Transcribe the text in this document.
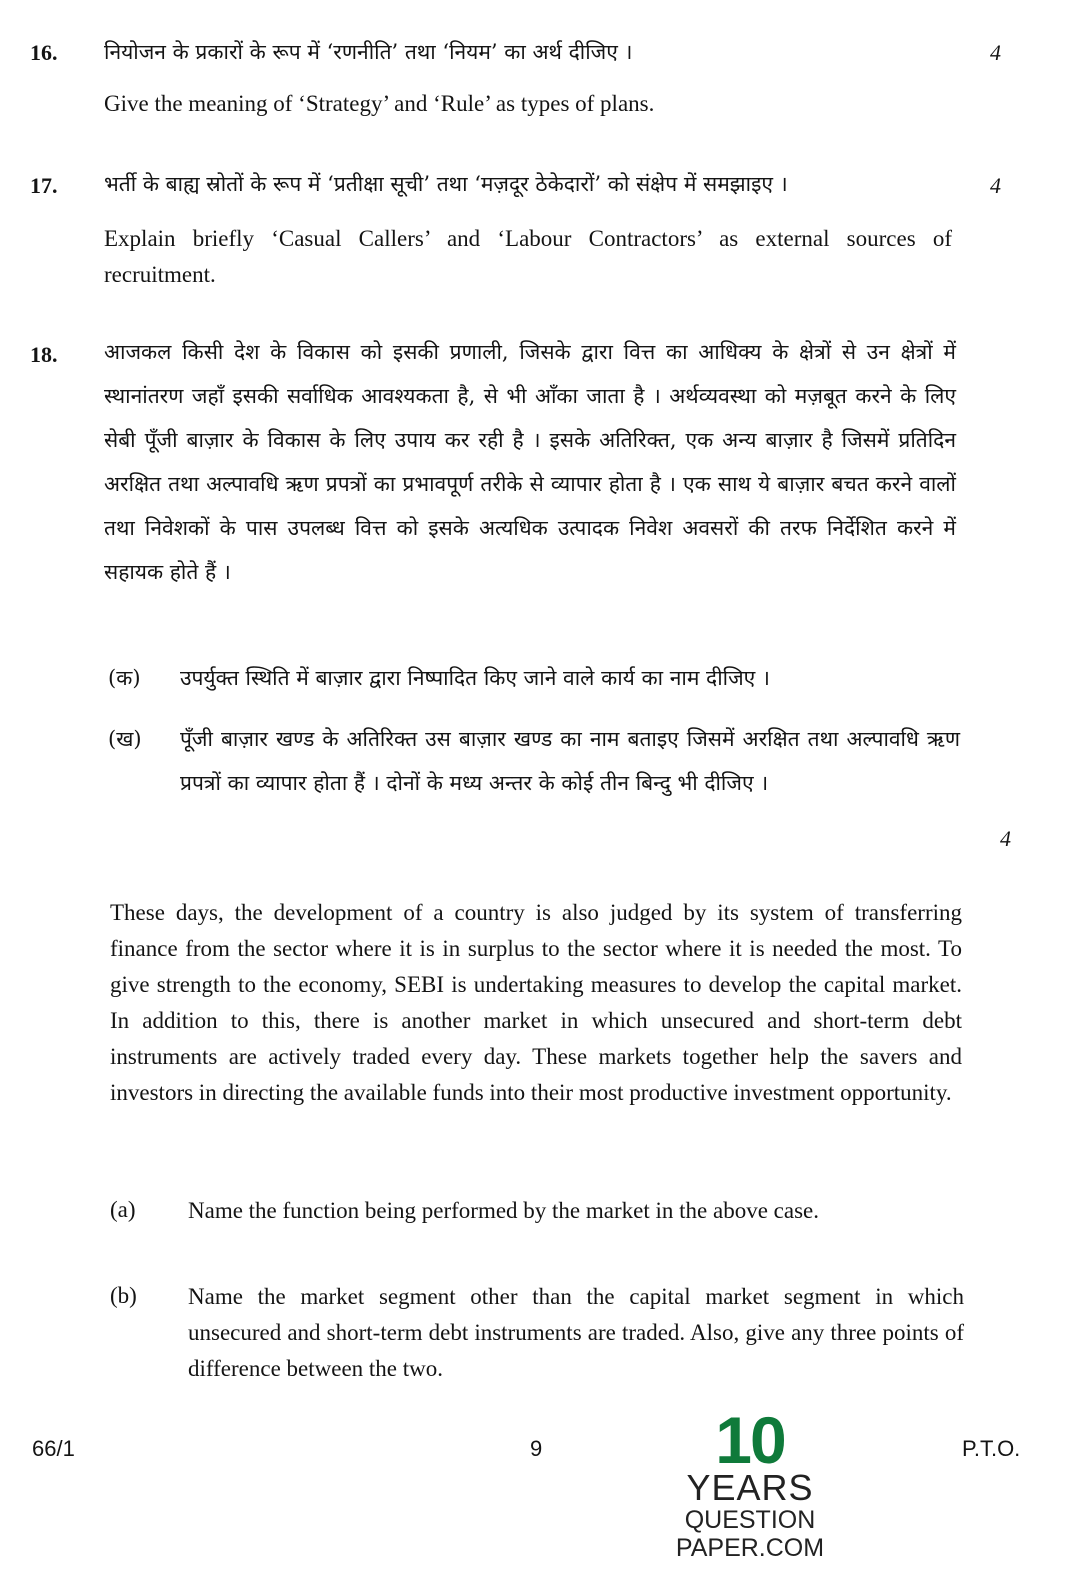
16. नियोजन के प्रकारों के रूप में ‘रणनीति’ तथा ‘नियम’ का अर्थ दीजिए ।	4
Give the meaning of ‘Strategy’ and ‘Rule’ as types of plans.
17. भर्ती के बाह्य स्रोतों के रूप में ‘प्रतीक्षा सूची’ तथा ‘मज़दूर ठेकेदारों’ को संक्षेप में समझाइए ।	4
Explain briefly ‘Casual Callers’ and ‘Labour Contractors’ as external sources of recruitment.
18. आजकल किसी देश के विकास को इसकी प्रणाली, जिसके द्वारा वित्त का आधिक्य के क्षेत्रों से उन क्षेत्रों में स्थानांतरण जहाँ इसकी सर्वाधिक आवश्यकता है, से भी आँका जाता है । अर्थव्यवस्था को मज़बूत करने के लिए सेबी पूँजी बाज़ार के विकास के लिए उपाय कर रही है । इसके अतिरिक्त, एक अन्य बाज़ार है जिसमें प्रतिदिन अरक्षित तथा अल्पावधि ऋण प्रपत्रों का प्रभावपूर्ण तरीके से व्यापार होता है । एक साथ ये बाज़ार बचत करने वालों तथा निवेशकों के पास उपलब्ध वित्त को इसके अत्यधिक उत्पादक निवेश अवसरों की तरफ निर्देशित करने में सहायक होते हैं ।
(क) उपर्युक्त स्थिति में बाज़ार द्वारा निष्पादित किए जाने वाले कार्य का नाम दीजिए ।
(ख) पूँजी बाज़ार खण्ड के अतिरिक्त उस बाज़ार खण्ड का नाम बताइए जिसमें अरक्षित तथा अल्पावधि ऋण प्रपत्रों का व्यापार होता हैं । दोनों के मध्य अन्तर के कोई तीन बिन्दु भी दीजिए ।
4
These days, the development of a country is also judged by its system of transferring finance from the sector where it is in surplus to the sector where it is needed the most. To give strength to the economy, SEBI is undertaking measures to develop the capital market. In addition to this, there is another market in which unsecured and short-term debt instruments are actively traded every day. These markets together help the savers and investors in directing the available funds into their most productive investment opportunity.
(a) Name the function being performed by the market in the above case.
(b) Name the market segment other than the capital market segment in which unsecured and short-term debt instruments are traded. Also, give any three points of difference between the two.
66/1	9	P.T.O.
10
YEARS
QUESTION PAPER.COM
